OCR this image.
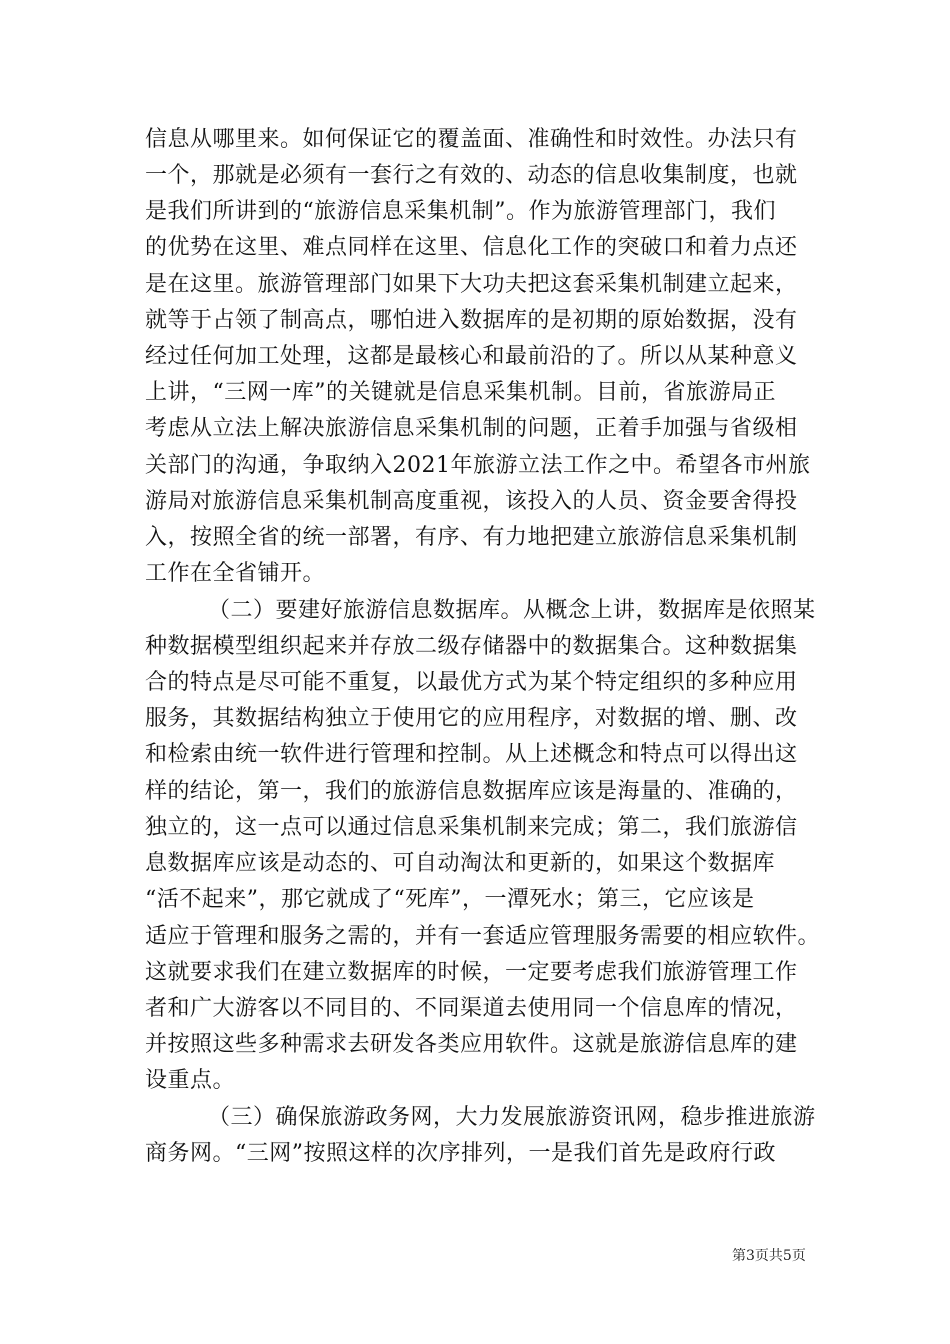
信息从哪里来。如何保证它的覆盖面、准确性和时效性。办法只有
一个，那就是必须有一套行之有效的、动态的信息收集制度，也就
是我们所讲到的“旅游信息采集机制”。作为旅游管理部门，我们
的优势在这里、难点同样在这里、信息化工作的突破口和着力点还
是在这里。旅游管理部门如果下大功夫把这套采集机制建立起来，
就等于占领了制高点，哪怕进入数据库的是初期的原始数据，没有
经过任何加工处理，这都是最核心和最前沿的了。所以从某种意义
上讲，“三网一库”的关键就是信息采集机制。目前，省旅游局正
考虑从立法上解决旅游信息采集机制的问题，正着手加强与省级相
关部门的沟通，争取纳入2021年旅游立法工作之中。希望各市州旅
游局对旅游信息采集机制高度重视，该投入的人员、资金要舍得投
入，按照全省的统一部署，有序、有力地把建立旅游信息采集机制
工作在全省铺开。
（二）要建好旅游信息数据库。从概念上讲，数据库是依照某
种数据模型组织起来并存放二级存储器中的数据集合。这种数据集
合的特点是尽可能不重复，以最优方式为某个特定组织的多种应用
服务，其数据结构独立于使用它的应用程序，对数据的增、删、改
和检索由统一软件进行管理和控制。从上述概念和特点可以得出这
样的结论，第一，我们的旅游信息数据库应该是海量的、准确的，
独立的，这一点可以通过信息采集机制来完成；第二，我们旅游信
息数据库应该是动态的、可自动淘汰和更新的，如果这个数据库
“活不起来”，那它就成了“死库”，一潭死水；第三，它应该是
适应于管理和服务之需的，并有一套适应管理服务需要的相应软件。
这就要求我们在建立数据库的时候，一定要考虑我们旅游管理工作
者和广大游客以不同目的、不同渠道去使用同一个信息库的情况，
并按照这些多种需求去研发各类应用软件。这就是旅游信息库的建
设重点。
（三）确保旅游政务网，大力发展旅游资讯网，稳步推进旅游
商务网。“三网”按照这样的次序排列，一是我们首先是政府行政
第3页共5页
